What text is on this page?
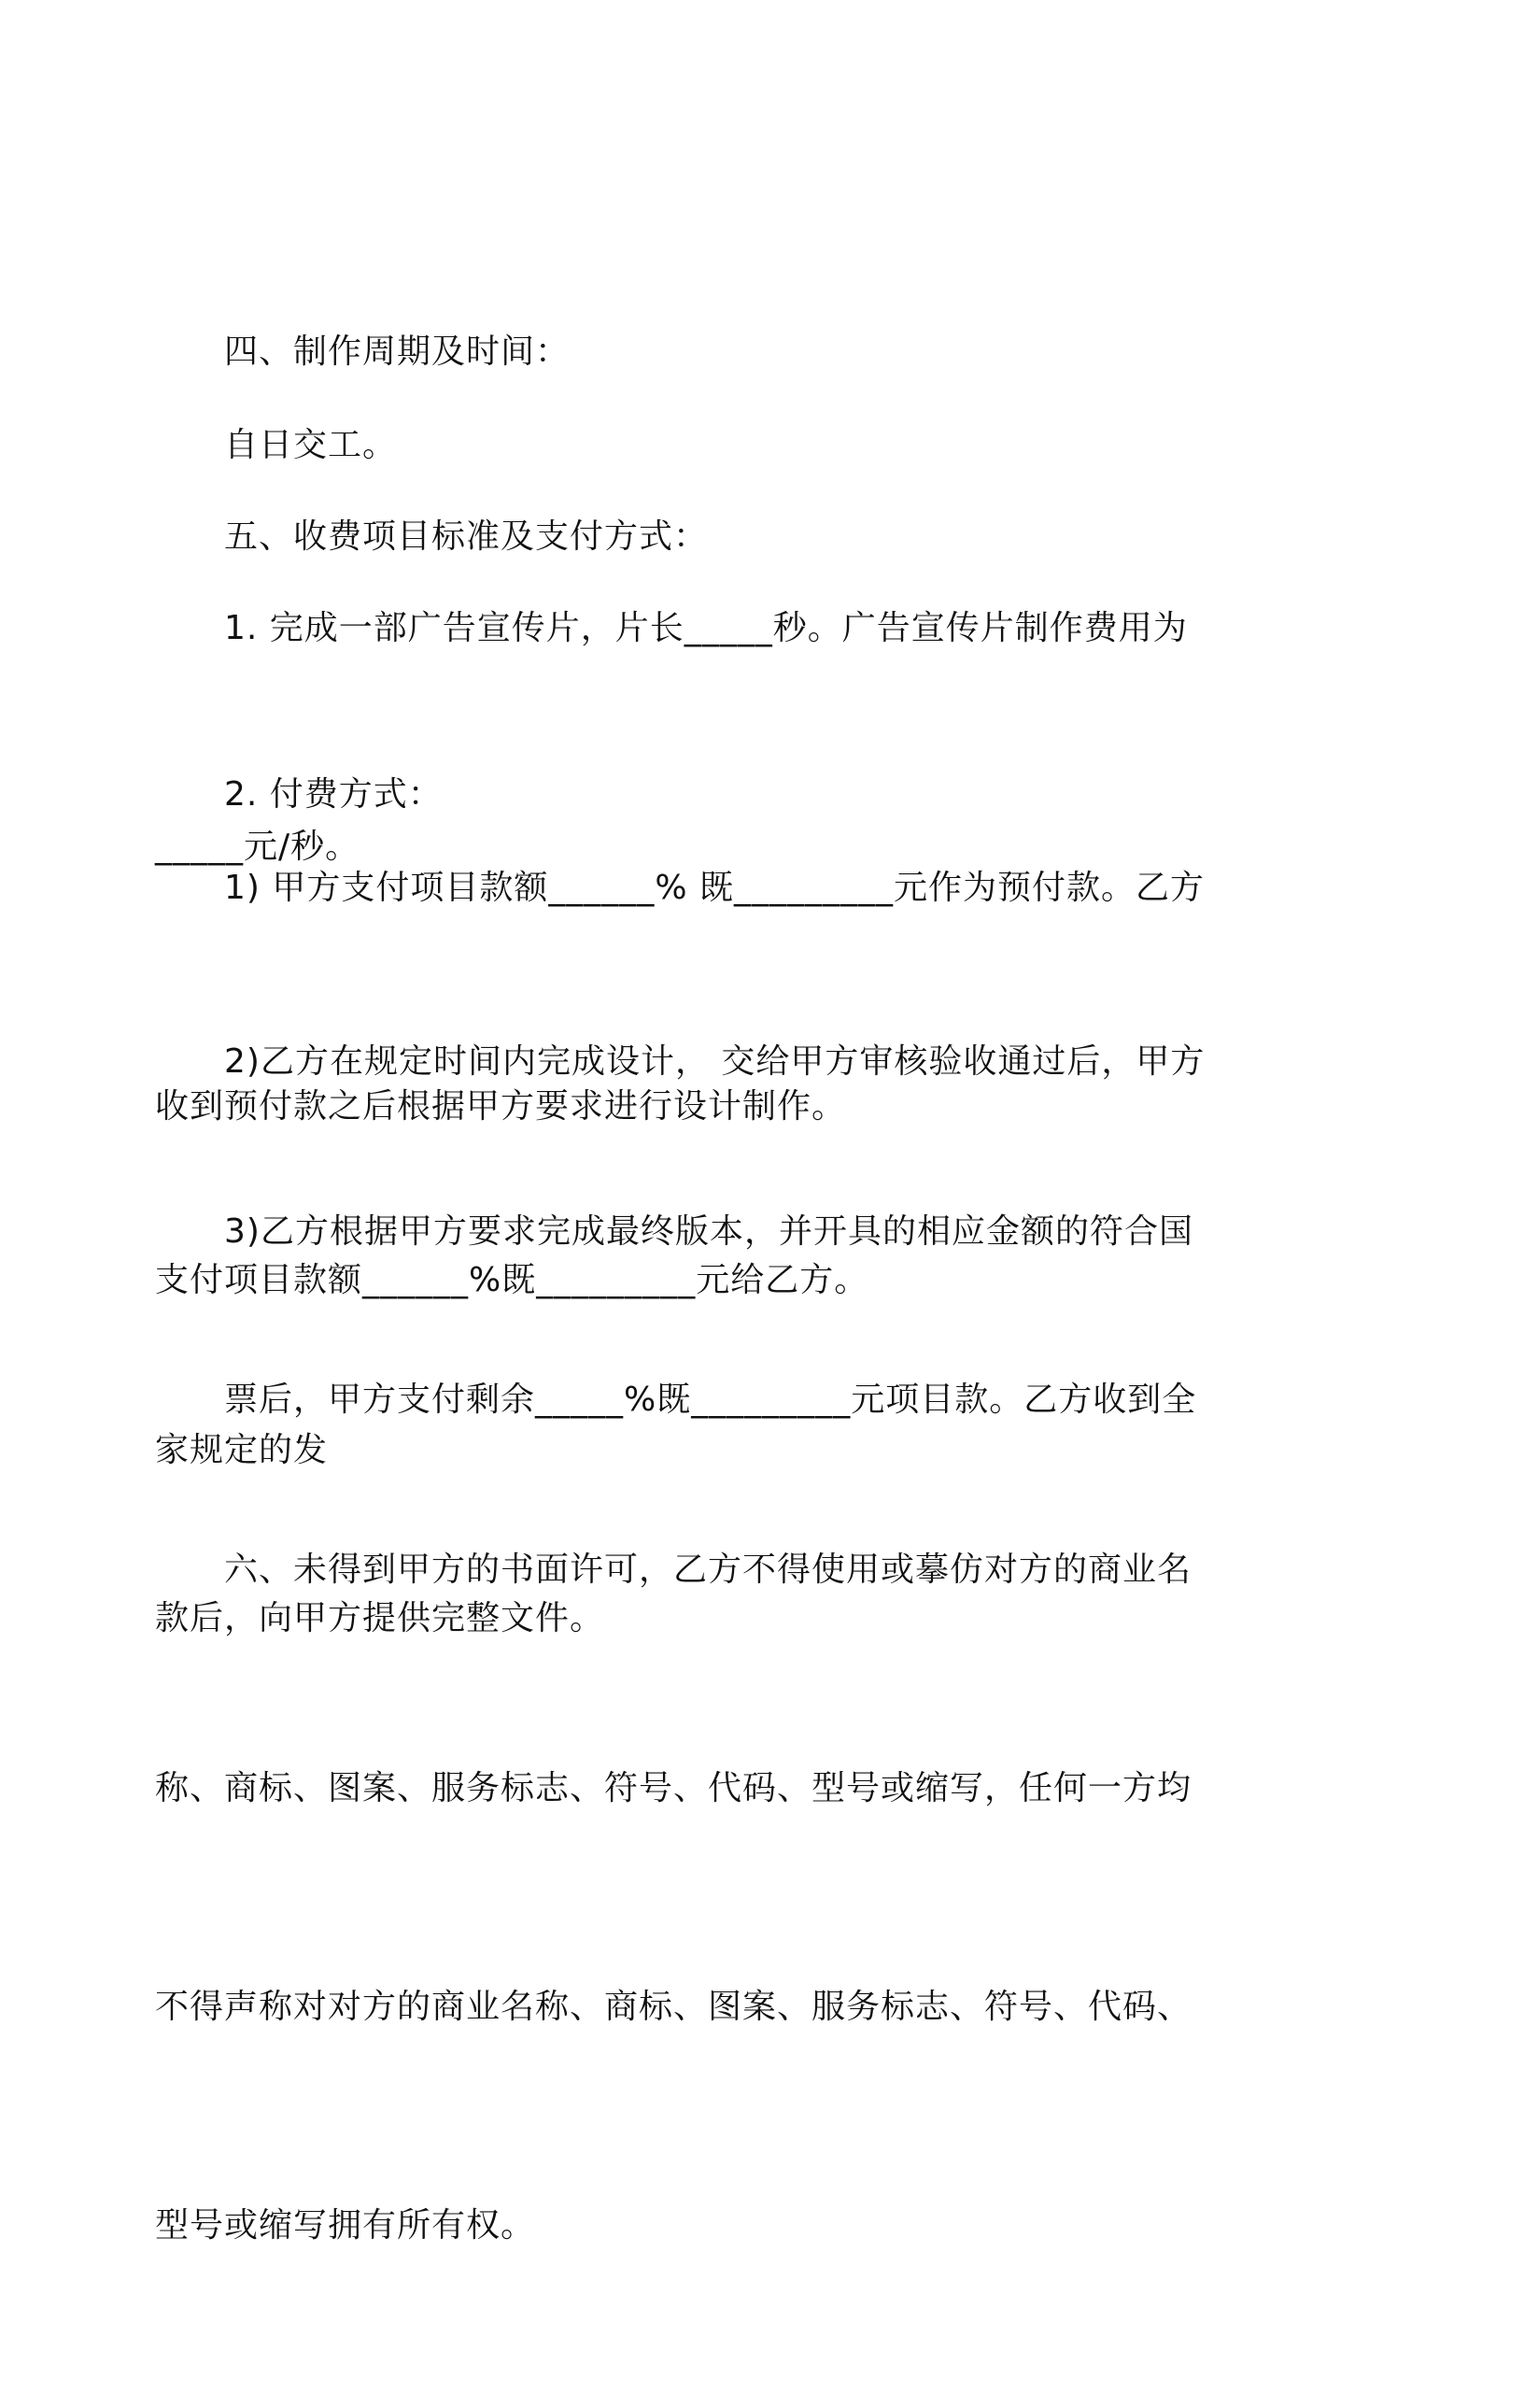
四、制作周期及时间：

自日交工。

五、收费项目标准及支付方式：

1. 完成一部广告宣传片，片长_____秒。广告宣传片制作费用为

_____元/秒。

2. 付费方式：

1) 甲方支付项目款额______% 既_________元作为预付款。乙方

收到预付款之后根据甲方要求进行设计制作。

2)乙方在规定时间内完成设计， 交给甲方审核验收通过后，甲方

支付项目款额______%既_________元给乙方。

3)乙方根据甲方要求完成最终版本，并开具的相应金额的符合国

家规定的发

票后，甲方支付剩余_____%既_________元项目款。乙方收到全

款后，向甲方提供完整文件。

六、未得到甲方的书面许可，乙方不得使用或摹仿对方的商业名

称、商标、图案、服务标志、符号、代码、型号或缩写，任何一方均

不得声称对对方的商业名称、商标、图案、服务标志、符号、代码、

型号或缩写拥有所有权。
